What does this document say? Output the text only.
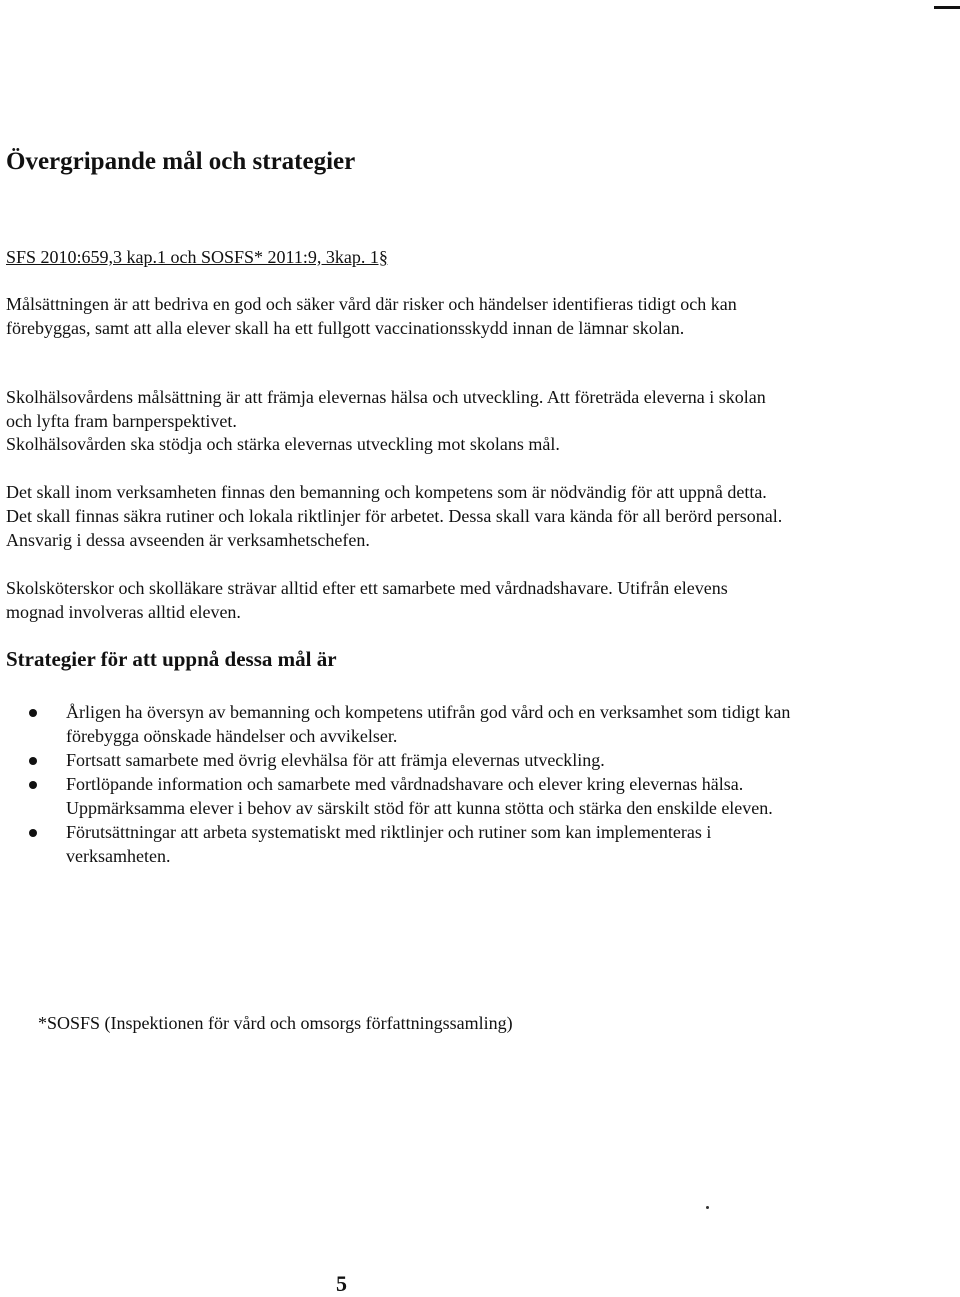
Övergripande mål och strategier

SFS 2010:659,3 kap.1 och SOSFS* 2011:9, 3kap. 1§

Målsättningen är att bedriva en god och säker vård där risker och händelser identifieras tidigt och kan förebyggas, samt att alla elever skall ha ett fullgott vaccinationsskydd innan de lämnar skolan.

Skolhälsovårdens målsättning är att främja elevernas hälsa och utveckling. Att företräda eleverna i skolan och lyfta fram barnperspektivet.

Skolhälsovården ska stödja och stärka elevernas utveckling mot skolans mål.

Det skall inom verksamheten finnas den bemanning och kompetens som är nödvändig för att uppnå detta. Det skall finnas säkra rutiner och lokala riktlinjer för arbetet. Dessa skall vara kända för all berörd personal. Ansvarig i dessa avseenden är verksamhetschefen.

Skolsköterskor och skolläkare strävar alltid efter ett samarbete med vårdnadshavare. Utifrån elevens mognad involveras alltid eleven.

Strategier för att uppnå dessa mål är
Årligen ha översyn av bemanning och kompetens utifrån god vård och en verksamhet som tidigt kan förebygga oönskade händelser och avvikelser.
Fortsatt samarbete med övrig elevhälsa för att främja elevernas utveckling.
Fortlöpande information och samarbete med vårdnadshavare och elever kring elevernas hälsa. Uppmärksamma elever i behov av särskilt stöd för att kunna stötta och stärka den enskilde eleven.
Förutsättningar att arbeta systematiskt med riktlinjer och rutiner som kan implementeras i verksamheten.

*SOSFS (Inspektionen för vård och omsorgs författningssamling)

5
